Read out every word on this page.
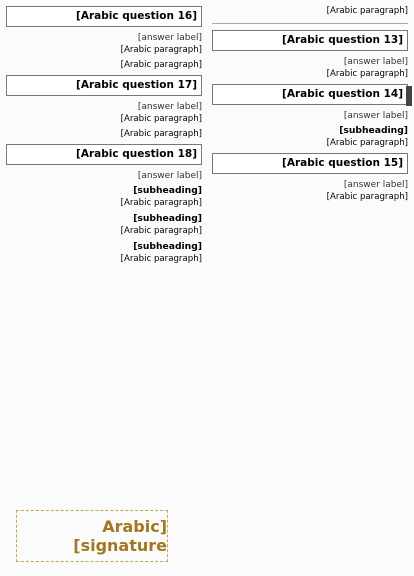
[Arabic question 16]
[answer label]
[Arabic paragraph]
[Arabic paragraph]
[Arabic question 17]
[answer label]
[Arabic paragraph]
[Arabic paragraph]
[Arabic question 18]
[answer label]
[subheading]
[Arabic paragraph]
[subheading]
[Arabic paragraph]
[subheading]
[Arabic paragraph]
[Arabic signature]
[Arabic paragraph]
[Arabic question 13]
[answer label]
[Arabic paragraph]
[Arabic question 14]
[answer label]
[subheading]
[Arabic paragraph]
[Arabic question 15]
[answer label]
[Arabic paragraph]
